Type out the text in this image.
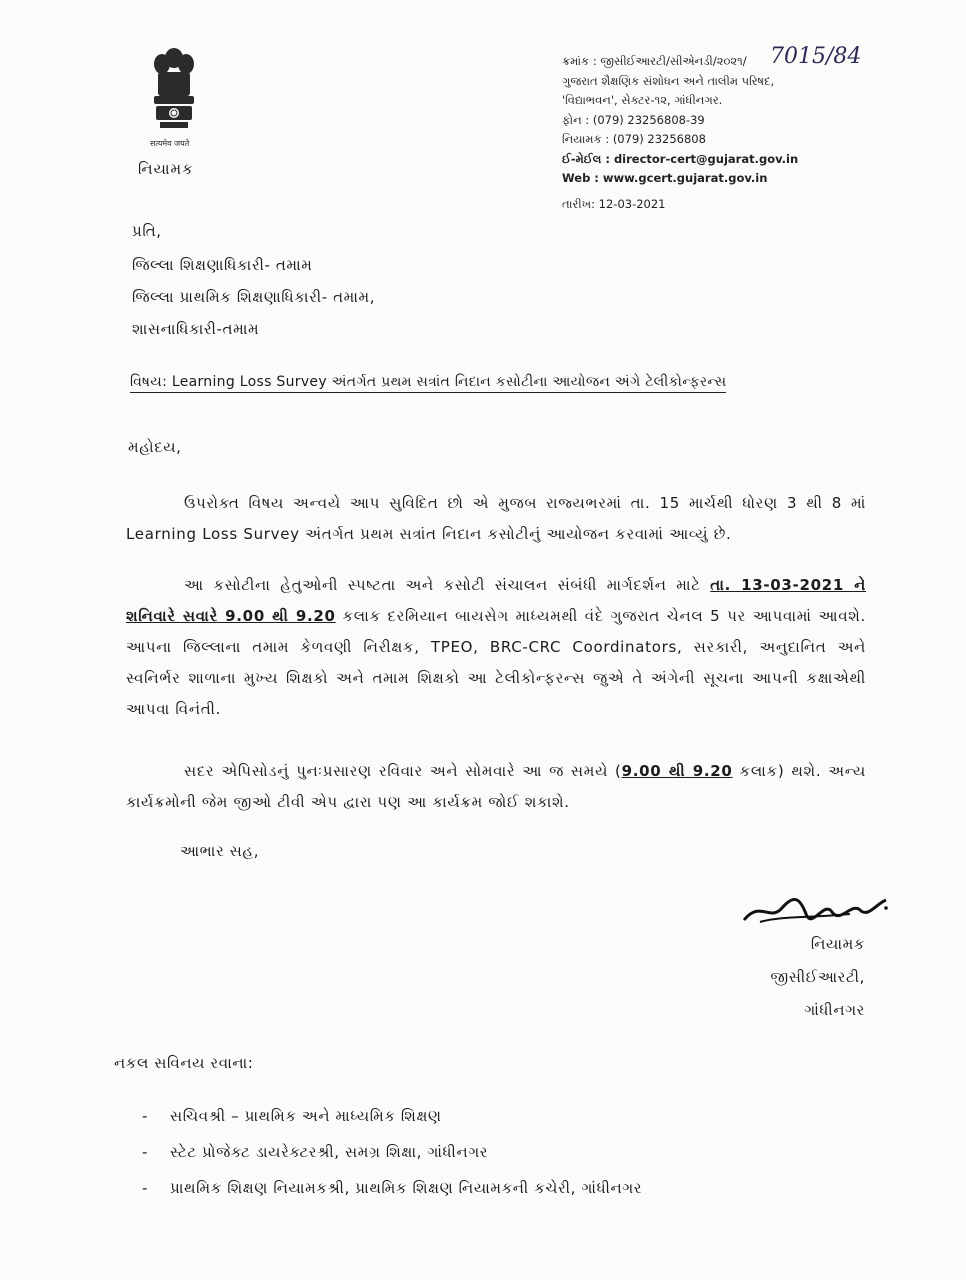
सत्यमेव जयते
નિયામક
ક્રમાંક : જીસીઈઆરટી/સીએનડી/૨૦૨૧/
ગુજરાત શૈક્ષણિક સંશોધન અને તાલીમ પરિષદ,
'વિદ્યાભવન', સેક્ટર-૧૨, ગાંધીનગર.
ફોન : (079) 23256808-39
નિયામક : (079) 23256808
ઈ-મેઈલ : director-cert@gujarat.gov.in
Web : www.gcert.gujarat.gov.in
તારીખ: 12-03-2021
7015/84
પ્રતિ,
જિલ્લા શિક્ષણાધિકારી- તમામ
જિલ્લા પ્રાથમિક શિક્ષણાધિકારી- તમામ,
શાસનાધિકારી-તમામ
વિષય: Learning Loss Survey અંતર્ગત પ્રથમ સત્રાંત નિદાન કસોટીના આયોજન અંગે ટેલીકોન્ફરન્સ
મહોદય,
ઉપરોક્ત વિષય અન્વયે આપ સુવિદિત છો એ મુજબ રાજ્યભરમાં તા. 15 માર્ચથી ધોરણ 3 થી 8 માં Learning Loss Survey અંતર્ગત પ્રથમ સત્રાંત નિદાન કસોટીનું આયોજન કરવામાં આવ્યું છે.
આ કસોટીના હેતુઓની સ્પષ્ટતા અને કસોટી સંચાલન સંબંધી માર્ગદર્શન માટે તા. 13-03-2021 ને શનિવારે સવારે 9.00 થી 9.20 કલાક દરમિયાન બાયસેગ માધ્યમથી વંદે ગુજરાત ચેનલ 5 પર આપવામાં આવશે. આપના જિલ્લાના તમામ કેળવણી નિરીક્ષક, TPEO, BRC-CRC Coordinators, સરકારી, અનુદાનિત અને સ્વનિર્ભર શાળાના મુખ્ય શિક્ષકો અને તમામ શિક્ષકો આ ટેલીકોન્ફરન્સ જુએ તે અંગેની સૂચના આપની કક્ષાએથી આપવા વિનંતી.
સદર એપિસોડનું પુનઃપ્રસારણ રવિવાર અને સોમવારે આ જ સમયે (9.00 થી 9.20 કલાક) થશે. અન્ય કાર્યક્રમોની જેમ જીઓ ટીવી એપ દ્વારા પણ આ કાર્યક્રમ જોઈ શકાશે.
આભાર સહ,
નિયામક
જીસીઈઆરટી,
ગાંધીનગર
નકલ સવિનય રવાના:
- સચિવશ્રી – પ્રાથમિક અને માધ્યમિક શિક્ષણ
- સ્ટેટ પ્રોજેક્ટ ડાયરેક્ટરશ્રી, સમગ્ર શિક્ષા, ગાંધીનગર
- પ્રાથમિક શિક્ષણ નિયામકશ્રી, પ્રાથમિક શિક્ષણ નિયામકની કચેરી, ગાંધીનગર
